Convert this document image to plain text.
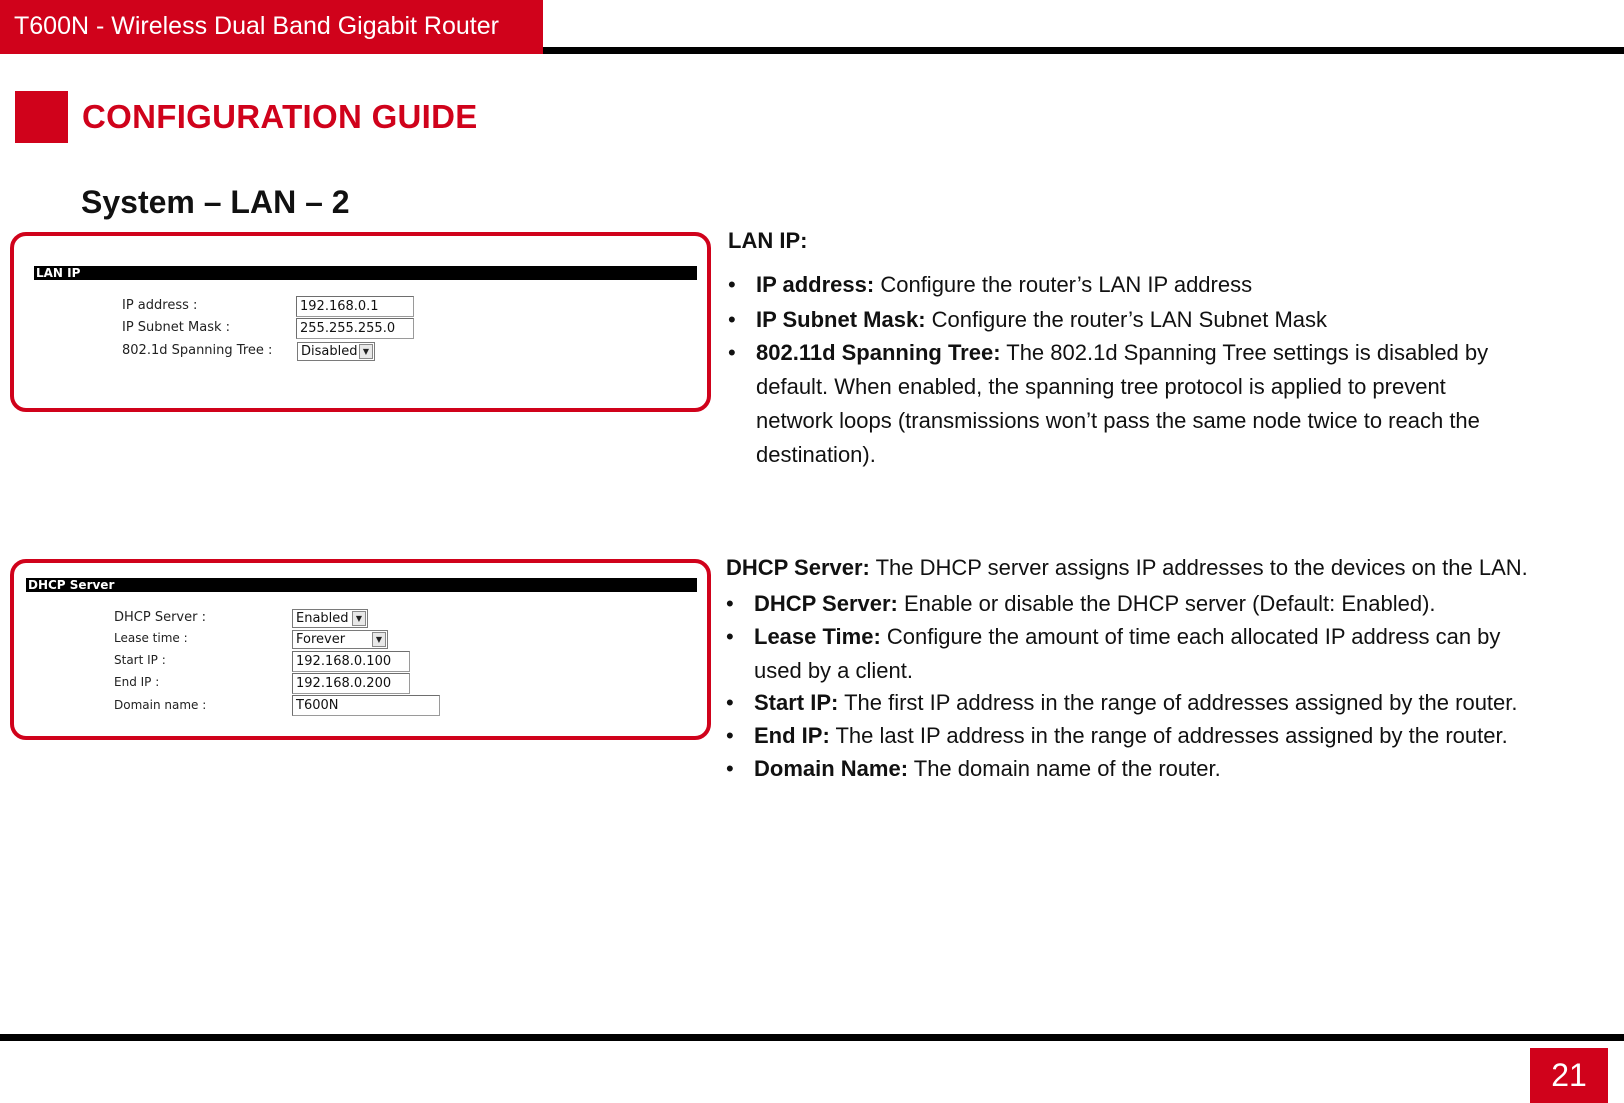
T600N - Wireless Dual Band Gigabit Router
CONFIGURATION GUIDE
System – LAN – 2
LAN IP
IP address :	192.168.0.1
IP Subnet Mask :	255.255.255.0
802.1d Spanning Tree :	Disabled ▼
DHCP Server
DHCP Server :	Enabled ▼
Lease time :	Forever	▼
Start IP :	192.168.0.100
End IP :	192.168.0.200
Domain name :	T600N
LAN IP:
• IP address: Configure the router’s LAN IP address
• IP Subnet Mask: Configure the router’s LAN Subnet Mask
• 802.11d Spanning Tree: The 802.1d Spanning Tree settings is disabled by default. When enabled, the spanning tree protocol is applied to prevent network loops (transmissions won’t pass the same node twice to reach the destination).
DHCP Server: The DHCP server assigns IP addresses to the devices on the LAN.
• DHCP Server: Enable or disable the DHCP server (Default: Enabled).
• Lease Time: Configure the amount of time each allocated IP address can by used by a client.
• Start IP: The first IP address in the range of addresses assigned by the router.
• End IP: The last IP address in the range of addresses assigned by the router.
• Domain Name: The domain name of the router.
21
